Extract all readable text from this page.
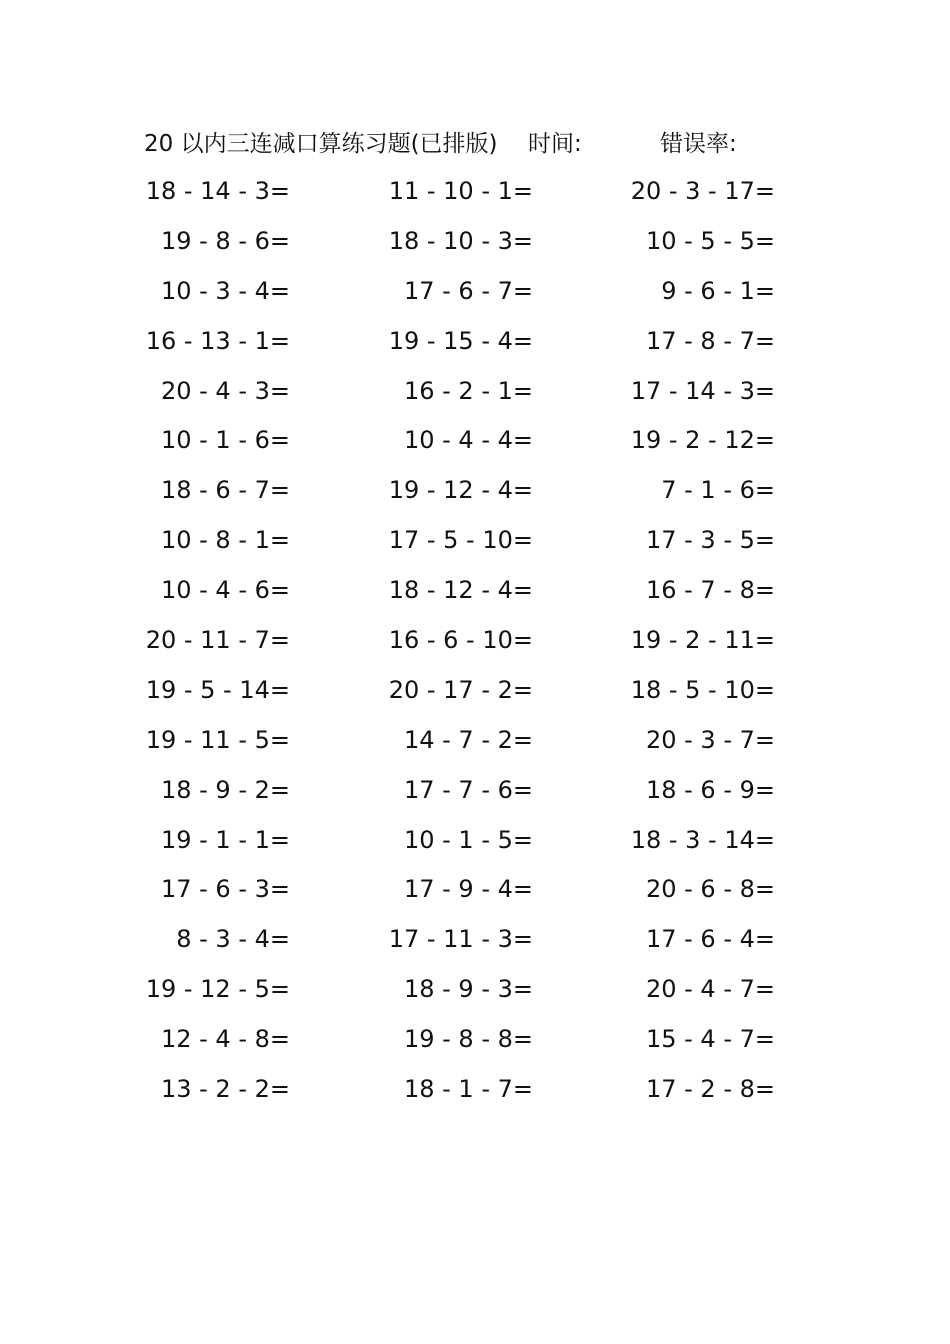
20 以内三连减口算练习题(已排版) 时间:	错误率:
18 - 14 - 3=	11 - 10 - 1=	20 - 3 - 17=
19 - 8 - 6=	18 - 10 - 3=	10 - 5 - 5=
10 - 3 - 4=	17 - 6 - 7=	9 - 6 - 1=
16 - 13 - 1=	19 - 15 - 4=	17 - 8 - 7=
20 - 4 - 3=	16 - 2 - 1=	17 - 14 - 3=
10 - 1 - 6=	10 - 4 - 4=	19 - 2 - 12=
18 - 6 - 7=	19 - 12 - 4=	7 - 1 - 6=
10 - 8 - 1=	17 - 5 - 10=	17 - 3 - 5=
10 - 4 - 6=	18 - 12 - 4=	16 - 7 - 8=
20 - 11 - 7=	16 - 6 - 10=	19 - 2 - 11=
19 - 5 - 14=	20 - 17 - 2=	18 - 5 - 10=
19 - 11 - 5=	14 - 7 - 2=	20 - 3 - 7=
18 - 9 - 2=	17 - 7 - 6=	18 - 6 - 9=
19 - 1 - 1=	10 - 1 - 5=	18 - 3 - 14=
17 - 6 - 3=	17 - 9 - 4=	20 - 6 - 8=
8 - 3 - 4=	17 - 11 - 3=	17 - 6 - 4=
19 - 12 - 5=	18 - 9 - 3=	20 - 4 - 7=
12 - 4 - 8=	19 - 8 - 8=	15 - 4 - 7=
13 - 2 - 2=	18 - 1 - 7=	17 - 2 - 8=
